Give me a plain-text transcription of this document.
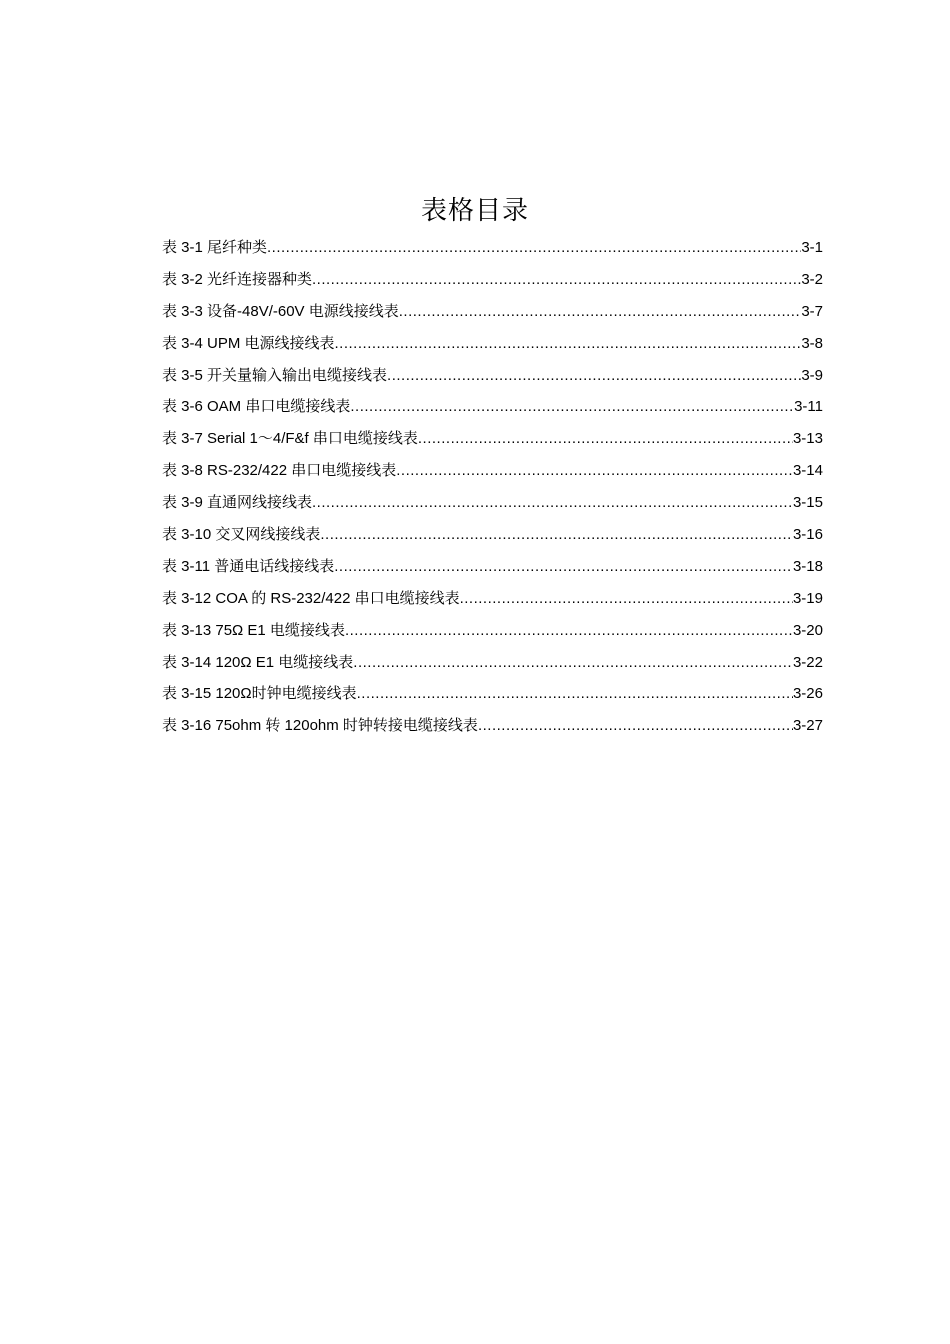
表格目录
表 3-1 尾纤种类 .....	3-1
表 3-2 光纤连接器种类 .....	3-2
表 3-3 设备-48V/-60V 电源线接线表 .....	3-7
表 3-4 UPM 电源线接线表 .....	3-8
表 3-5 开关量输入输出电缆接线表 .....	3-9
表 3-6 OAM 串口电缆接线表 .....	3-11
表 3-7 Serial 1～4/F&f 串口电缆接线表 .....	3-13
表 3-8 RS-232/422 串口电缆接线表 .....	3-14
表 3-9 直通网线接线表 .....	3-15
表 3-10 交叉网线接线表 .....	3-16
表 3-11 普通电话线接线表 .....	3-18
表 3-12 COA 的 RS-232/422 串口电缆接线表 .....	3-19
表 3-13 75Ω E1 电缆接线表 .....	3-20
表 3-14 120Ω E1 电缆接线表 .....	3-22
表 3-15 120Ω时钟电缆接线表 .....	3-26
表 3-16 75ohm 转 120ohm 时钟转接电缆接线表 .....	3-27
